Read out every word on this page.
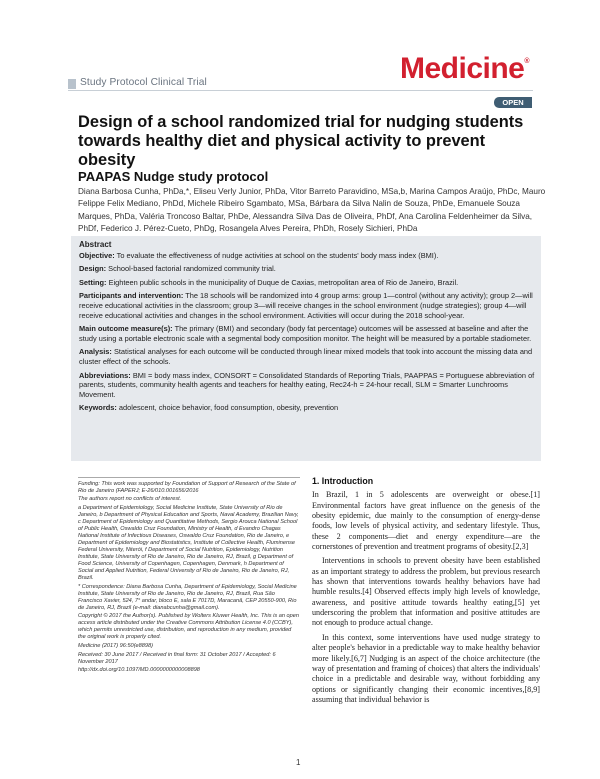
Study Protocol Clinical Trial	Medicine®
OPEN
Design of a school randomized trial for nudging students towards healthy diet and physical activity to prevent obesity
PAAPAS Nudge study protocol
Diana Barbosa Cunha, PhDa,*, Eliseu Verly Junior, PhDa, Vitor Barreto Paravidino, MSa,b, Marina Campos Araújo, PhDc, Mauro Felippe Felix Mediano, PhDd, Michele Ribeiro Sgambato, MSa, Bárbara da Silva Nalin de Souza, PhDe, Emanuele Souza Marques, PhDa, Valéria Troncoso Baltar, PhDe, Alessandra Silva Das de Oliveira, PhDf, Ana Carolina Feldenheimer da Silva, PhDf, Federico J. Pérez-Cueto, PhDg, Rosangela Alves Pereira, PhDh, Rosely Sichieri, PhDa
Abstract

Objective: To evaluate the effectiveness of nudge activities at school on the students' body mass index (BMI).

Design: School-based factorial randomized community trial.

Setting: Eighteen public schools in the municipality of Duque de Caxias, metropolitan area of Rio de Janeiro, Brazil.

Participants and intervention: The 18 schools will be randomized into 4 group arms: group 1—control (without any activity); group 2—will receive educational activities in the classroom; group 3—will receive changes in the school environment (nudge strategies); group 4—will receive educational activities and changes in the school environment. Activities will occur during the 2018 school-year.

Main outcome measure(s): The primary (BMI) and secondary (body fat percentage) outcomes will be assessed at baseline and after the study using a portable electronic scale with a segmental body composition monitor. The height will be measured by a portable stadiometer.

Analysis: Statistical analyses for each outcome will be conducted through linear mixed models that took into account the missing data and cluster effect of the schools.

Abbreviations: BMI = body mass index, CONSORT = Consolidated Standards of Reporting Trials, PAAPPAS = Portuguese abbreviation of parents, students, community health agents and teachers for healthy eating, Rec24-h = 24-hour recall, SLM = Smarter Lunchrooms Movement.

Keywords: adolescent, choice behavior, food consumption, obesity, prevention

Funding: This work was supported by Foundation of Support of Research of the State of Rio de Janeiro (FAPERJ; E-26/010.001656/2016

The authors report no conflicts of interest.

a Department of Epidemiology, Social Medicine Institute, State University of Rio de Janeiro, b Department of Physical Education and Sports, Naval Academy, Brazilian Navy, c Department of Epidemiology and Quantitative Methods, Sergio Arouca National School of Public Health, Oswaldo Cruz Foundation, Ministry of Health, d Evandro Chagas National Institute of Infectious Diseases, Oswaldo Cruz Foundation, Rio de Janeiro, e Department of Epidemiology and Biostatistics, Institute of Collective Health, Fluminense Federal University, Niterói, f Department of Social Nutrition, Epidemiology, Nutrition Institute, State University of Rio de Janeiro, Rio de Janeiro, RJ, Brazil, g Department of Food Science, University of Copenhagen, Copenhagen, Denmark, h Department of Social and Applied Nutrition, Federal University of Rio de Janeiro, Rio de Janeiro, RJ, Brazil.

* Correspondence: Diana Barbosa Cunha, Department of Epidemiology, Social Medicine Institute, State University of Rio de Janeiro, Rio de Janeiro, RJ, Brazil, Rua São Francisco Xavier, 524, 7° andar, bloco E, sala E 7017D, Maracanã, CEP 20550-900, Rio de Janeiro, RJ, Brazil (e-mail: dianabcunha@gmail.com).

Copyright © 2017 the Author(s). Published by Wolters Kluwer Health, Inc. This is an open access article distributed under the Creative Commons Attribution License 4.0 (CCBY), which permits unrestricted use, distribution, and reproduction in any medium, provided the original work is properly cited.

Medicine (2017) 96:50(e8898)

Received: 30 June 2017 / Received in final form: 31 October 2017 / Accepted: 6 November 2017

http://dx.doi.org/10.1097/MD.0000000000008898

1. Introduction

In Brazil, 1 in 5 adolescents are overweight or obese.[1] Environmental factors have great influence on the genesis of the obesity epidemic, due mainly to the consumption of energy-dense foods, low levels of physical activity, and sedentary lifestyle. Thus, these 2 components—diet and energy expenditure—are the cornerstones of prevention and treatment programs of obesity.[2,3]

Interventions in schools to prevent obesity have been established as an important strategy to address the problem, but previous research has shown that interventions towards healthy behaviors have had humble results.[4] Observed effects imply high levels of knowledge, awareness, and positive attitude towards healthy eating,[5] yet underscoring the problem that information and positive attitudes are not enough to produce actual change.

In this context, some interventions have used nudge strategy to alter people's behavior in a predictable way to make healthy behavior more likely.[6,7] Nudging is an aspect of the choice architecture (the way of presentation and framing of choices) that alters the individuals' choice in a predictable and desirable way, without forbidding any options or significantly changing their economic incentives,[8,9] assuming that individual behavior is

1
